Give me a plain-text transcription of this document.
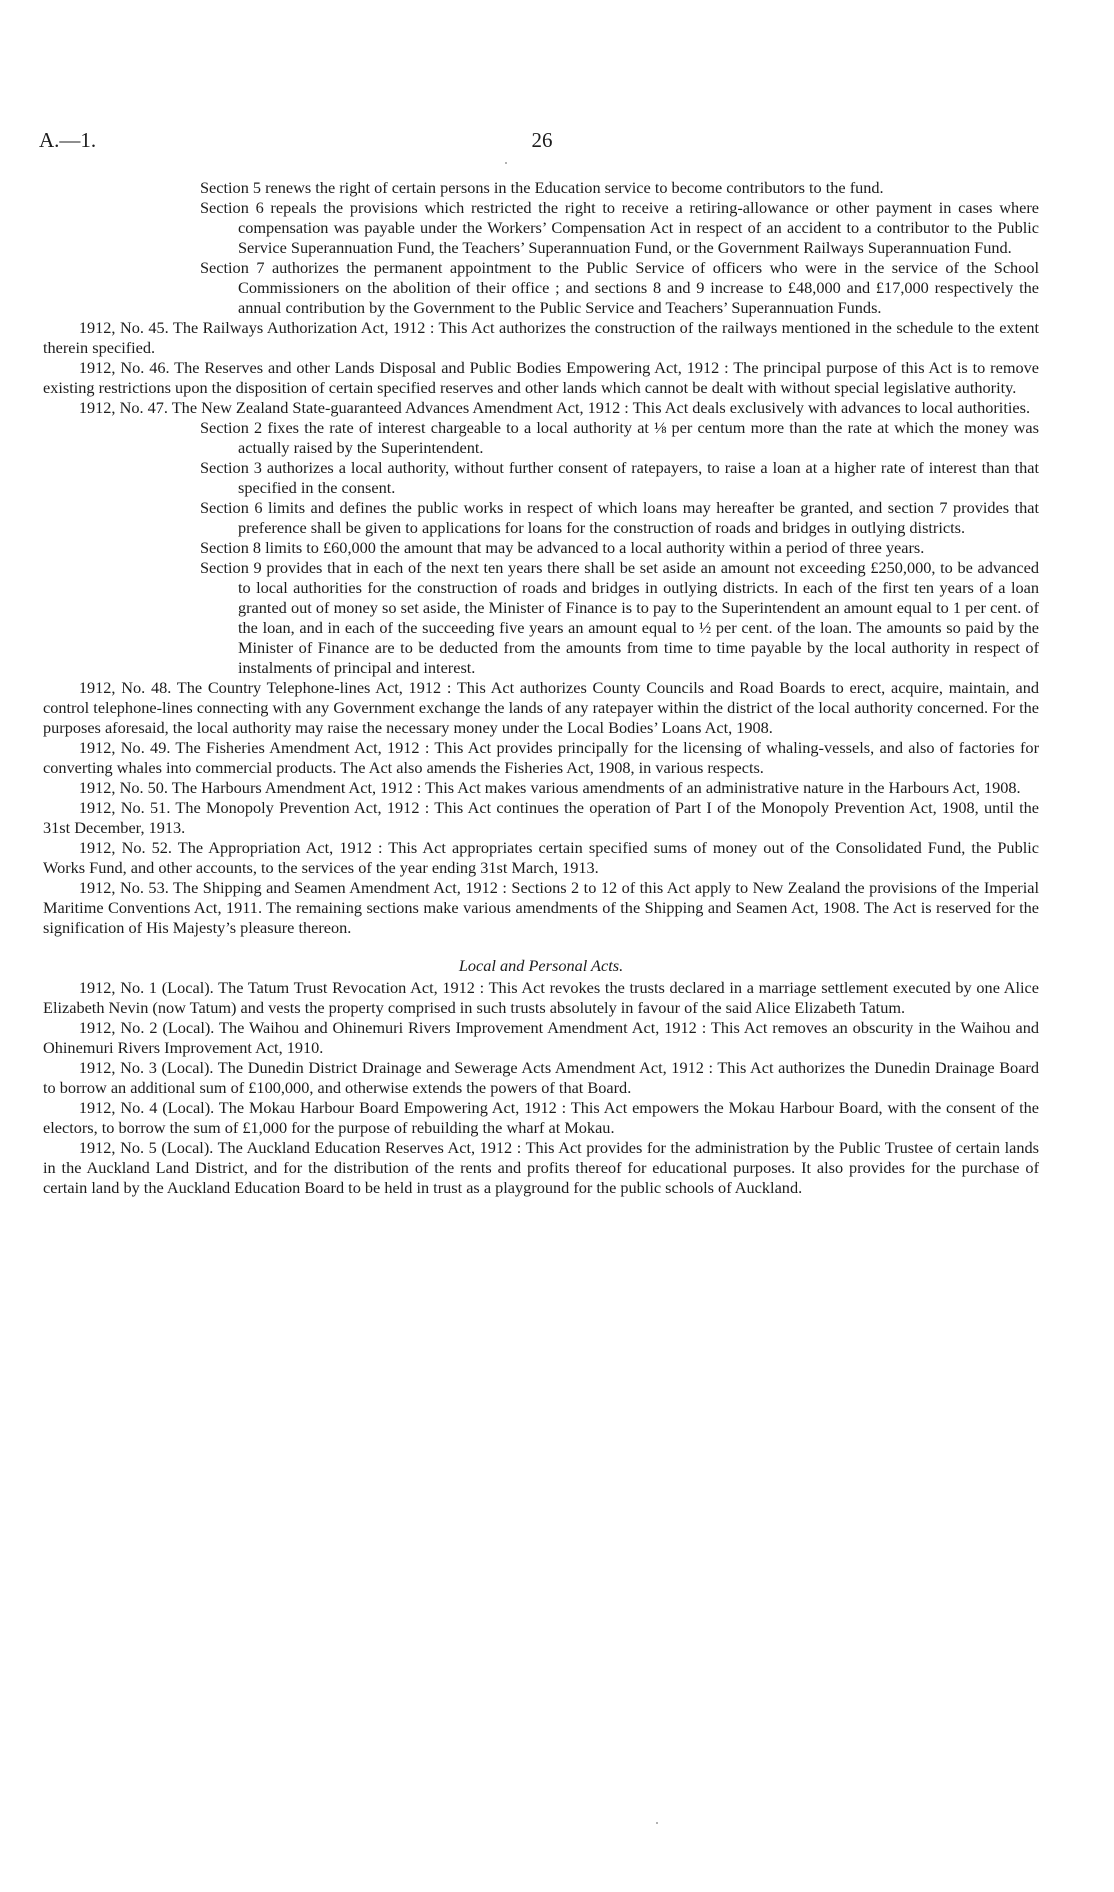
A.—1.	26

Section 5 renews the right of certain persons in the Education service to become contributors to the fund.

Section 6 repeals the provisions which restricted the right to receive a retiring-allowance or other payment in cases where compensation was payable under the Workers’ Compensation Act in respect of an accident to a contributor to the Public Service Superannuation Fund, the Teachers’ Superannuation Fund, or the Government Railways Superannuation Fund.

Section 7 authorizes the permanent appointment to the Public Service of officers who were in the service of the School Commissioners on the abolition of their office ; and sections 8 and 9 increase to £48,000 and £17,000 respectively the annual contribution by the Government to the Public Service and Teachers’ Superannuation Funds.

1912, No. 45. The Railways Authorization Act, 1912 : This Act authorizes the construction of the railways mentioned in the schedule to the extent therein specified.

1912, No. 46. The Reserves and other Lands Disposal and Public Bodies Empowering Act, 1912 : The principal purpose of this Act is to remove existing restrictions upon the disposition of certain specified reserves and other lands which cannot be dealt with without special legislative authority.

1912, No. 47. The New Zealand State-guaranteed Advances Amendment Act, 1912 : This Act deals exclusively with advances to local authorities.

Section 2 fixes the rate of interest chargeable to a local authority at ⅛ per centum more than the rate at which the money was actually raised by the Superintendent.

Section 3 authorizes a local authority, without further consent of ratepayers, to raise a loan at a higher rate of interest than that specified in the consent.

Section 6 limits and defines the public works in respect of which loans may hereafter be granted, and section 7 provides that preference shall be given to applications for loans for the construction of roads and bridges in outlying districts.

Section 8 limits to £60,000 the amount that may be advanced to a local authority within a period of three years.

Section 9 provides that in each of the next ten years there shall be set aside an amount not exceeding £250,000, to be advanced to local authorities for the construction of roads and bridges in outlying districts. In each of the first ten years of a loan granted out of money so set aside, the Minister of Finance is to pay to the Superintendent an amount equal to 1 per cent. of the loan, and in each of the succeeding five years an amount equal to ½ per cent. of the loan. The amounts so paid by the Minister of Finance are to be deducted from the amounts from time to time payable by the local authority in respect of instalments of principal and interest.

1912, No. 48. The Country Telephone-lines Act, 1912 : This Act authorizes County Councils and Road Boards to erect, acquire, maintain, and control telephone-lines connecting with any Government exchange the lands of any ratepayer within the district of the local authority concerned. For the purposes aforesaid, the local authority may raise the necessary money under the Local Bodies’ Loans Act, 1908.

1912, No. 49. The Fisheries Amendment Act, 1912 : This Act provides principally for the licensing of whaling-vessels, and also of factories for converting whales into commercial products. The Act also amends the Fisheries Act, 1908, in various respects.

1912, No. 50. The Harbours Amendment Act, 1912 : This Act makes various amendments of an administrative nature in the Harbours Act, 1908.

1912, No. 51. The Monopoly Prevention Act, 1912 : This Act continues the operation of Part I of the Monopoly Prevention Act, 1908, until the 31st December, 1913.

1912, No. 52. The Appropriation Act, 1912 : This Act appropriates certain specified sums of money out of the Consolidated Fund, the Public Works Fund, and other accounts, to the services of the year ending 31st March, 1913.

1912, No. 53. The Shipping and Seamen Amendment Act, 1912 : Sections 2 to 12 of this Act apply to New Zealand the provisions of the Imperial Maritime Conventions Act, 1911. The remaining sections make various amendments of the Shipping and Seamen Act, 1908. The Act is reserved for the signification of His Majesty’s pleasure thereon.

Local and Personal Acts.

1912, No. 1 (Local). The Tatum Trust Revocation Act, 1912 : This Act revokes the trusts declared in a marriage settlement executed by one Alice Elizabeth Nevin (now Tatum) and vests the property comprised in such trusts absolutely in favour of the said Alice Elizabeth Tatum.

1912, No. 2 (Local). The Waihou and Ohinemuri Rivers Improvement Amendment Act, 1912 : This Act removes an obscurity in the Waihou and Ohinemuri Rivers Improvement Act, 1910.

1912, No. 3 (Local). The Dunedin District Drainage and Sewerage Acts Amendment Act, 1912 : This Act authorizes the Dunedin Drainage Board to borrow an additional sum of £100,000, and otherwise extends the powers of that Board.

1912, No. 4 (Local). The Mokau Harbour Board Empowering Act, 1912 : This Act empowers the Mokau Harbour Board, with the consent of the electors, to borrow the sum of £1,000 for the purpose of rebuilding the wharf at Mokau.

1912, No. 5 (Local). The Auckland Education Reserves Act, 1912 : This Act provides for the administration by the Public Trustee of certain lands in the Auckland Land District, and for the distribution of the rents and profits thereof for educational purposes. It also provides for the purchase of certain land by the Auckland Education Board to be held in trust as a playground for the public schools of Auckland.
